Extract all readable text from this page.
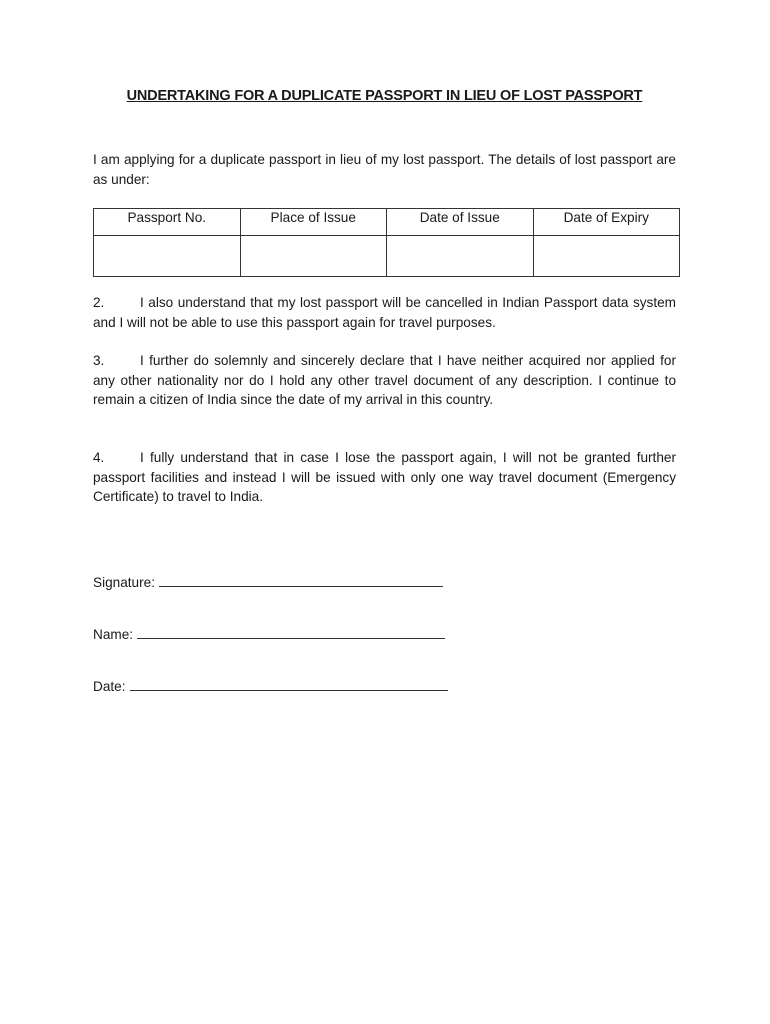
UNDERTAKING FOR A DUPLICATE PASSPORT IN LIEU OF LOST PASSPORT
I am applying for a duplicate passport in lieu of my lost passport. The details of lost passport are as under:
Passport No.	Place of Issue	Date of Issue	Date of Expiry

2.	I also understand that my lost passport will be cancelled in Indian Passport data system and I will not be able to use this passport again for travel purposes.
3.	I further do solemnly and sincerely declare that I have neither acquired nor applied for any other nationality nor do I hold any other travel document of any description. I continue to remain a citizen of India since the date of my arrival in this country.
4.	I fully understand that in case I lose the passport again, I will not be granted further passport facilities and instead I will be issued with only one way travel document (Emergency Certificate) to travel to India.
Signature:
Name:
Date:
